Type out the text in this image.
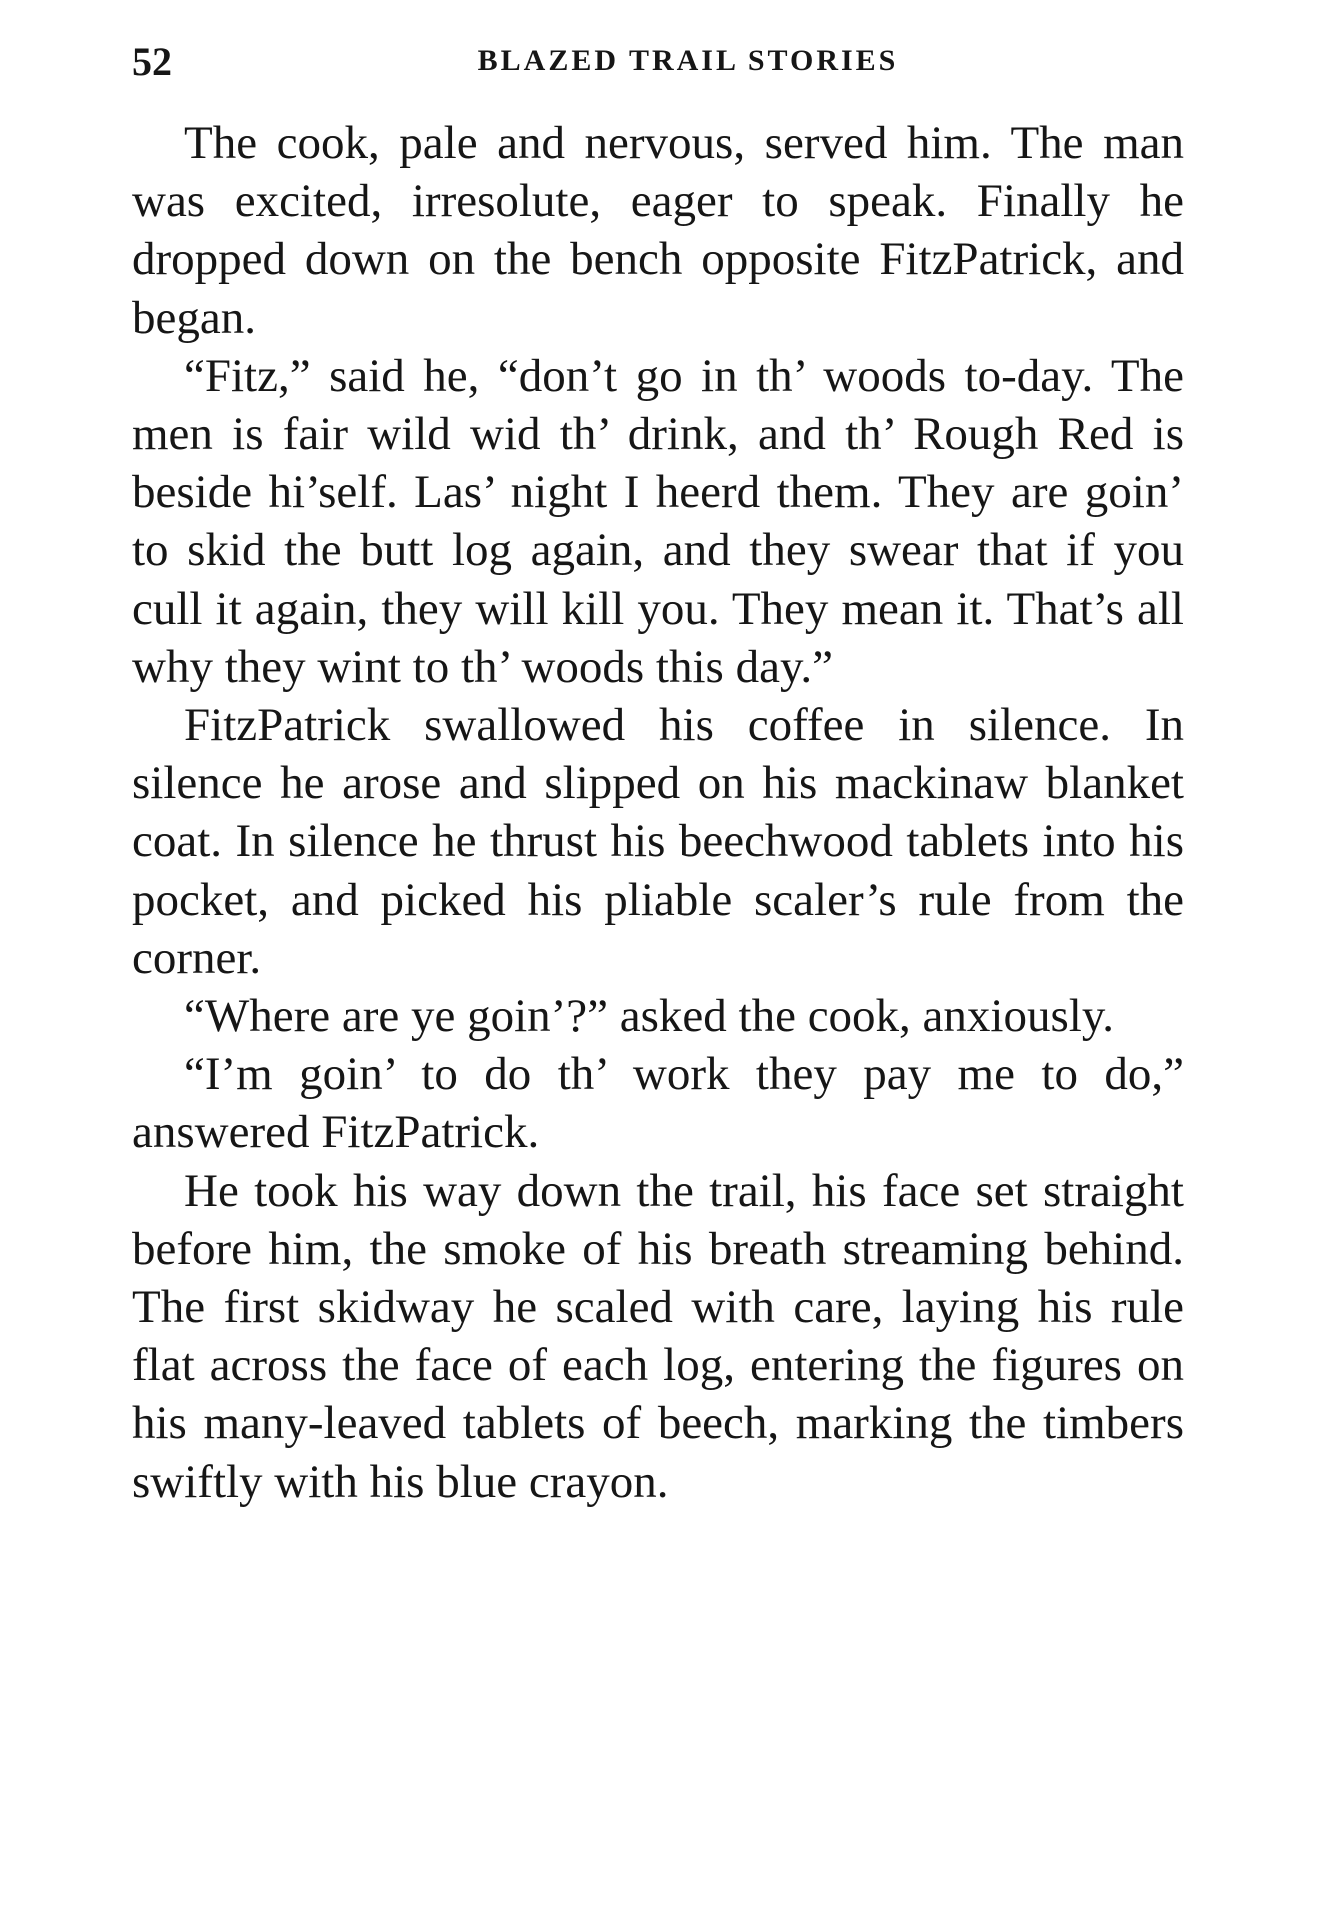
52	BLAZED TRAIL STORIES

The cook, pale and nervous, served him. The man was excited, irresolute, eager to speak. Finally he dropped down on the bench opposite FitzPatrick, and began.

“Fitz,” said he, “don’t go in th’ woods to-day. The men is fair wild wid th’ drink, and th’ Rough Red is beside hi’self. Las’ night I heerd them. They are goin’ to skid the butt log again, and they swear that if you cull it again, they will kill you. They mean it. That’s all why they wint to th’ woods this day.”

FitzPatrick swallowed his coffee in silence. In silence he arose and slipped on his mackinaw blanket coat. In silence he thrust his beechwood tablets into his pocket, and picked his pliable scaler’s rule from the corner.

“Where are ye goin’?” asked the cook, anxiously.

“I’m goin’ to do th’ work they pay me to do,” answered FitzPatrick.

He took his way down the trail, his face set straight before him, the smoke of his breath streaming behind. The first skidway he scaled with care, laying his rule flat across the face of each log, entering the figures on his many-leaved tablets of beech, marking the timbers swiftly with his blue crayon.
